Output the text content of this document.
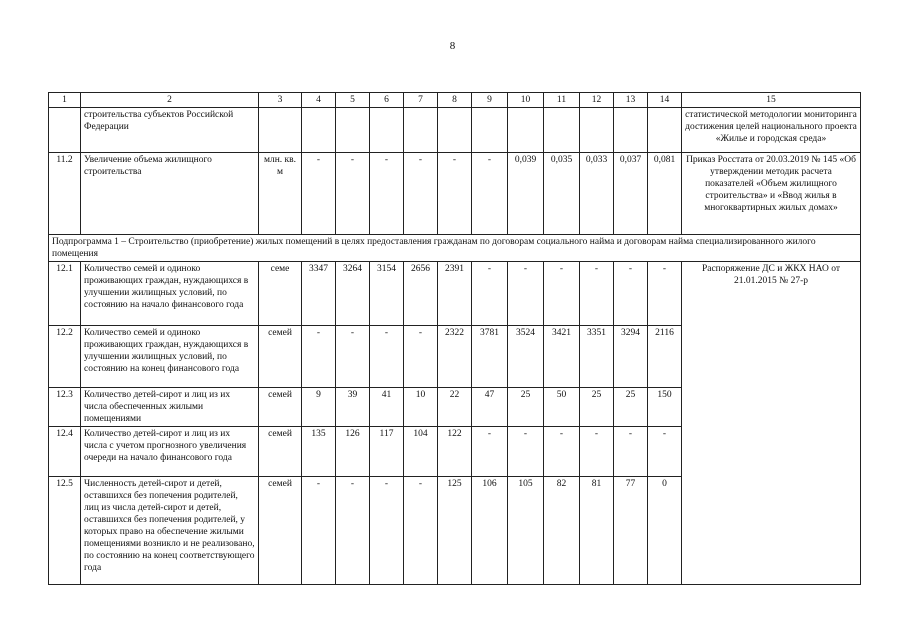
8
1	2	3	4	5	6	7	8	9	10	11	12	13	14	15
	строительства субъектов Российской Федерации													статистической методологии мониторинга достижения целей национального проекта «Жилье и городская среда»
11.2	Увеличение объема жилищного строительства	млн. кв. м	-	-	-	-	-	-	0,039	0,035	0,033	0,037	0,081	Приказ Росстата от 20.03.2019 № 145 «Об утверждении методик расчета показателей «Объем жилищного строительства» и «Ввод жилья в многоквартирных жилых домах»
Подпрограмма 1 – Строительство (приобретение) жилых помещений в целях предоставления гражданам по договорам социального найма и договорам найма специализированного жилого помещения														
12.1	Количество семей и одиноко проживающих граждан, нуждающихся в улучшении жилищных условий, по состоянию на начало финансового года	семе	3347	3264	3154	2656	2391	-	-	-	-	-	-	Распоряжение ДС и ЖКХ НАО от 21.01.2015 № 27-р
12.2	Количество семей и одиноко проживающих граждан, нуждающихся в улучшении жилищных условий, по состоянию на конец финансового года	семей	-	-	-	-	2322	3781	3524	3421	3351	3294	2116	
12.3	Количество детей-сирот и лиц из их числа обеспеченных жилыми помещениями	семей	9	39	41	10	22	47	25	50	25	25	150	
12.4	Количество детей-сирот и лиц из их числа с учетом прогнозного увеличения очереди на начало финансового года	семей	135	126	117	104	122	-	-	-	-	-	-	
12.5	Численность детей-сирот и детей, оставшихся без попечения родителей, лиц из числа детей-сирот и детей, оставшихся без попечения родителей, у которых право на обеспечение жилыми помещениями возникло и не реализовано, по состоянию на конец соответствующего года	семей	-	-	-	-	125	106	105	82	81	77	0	
